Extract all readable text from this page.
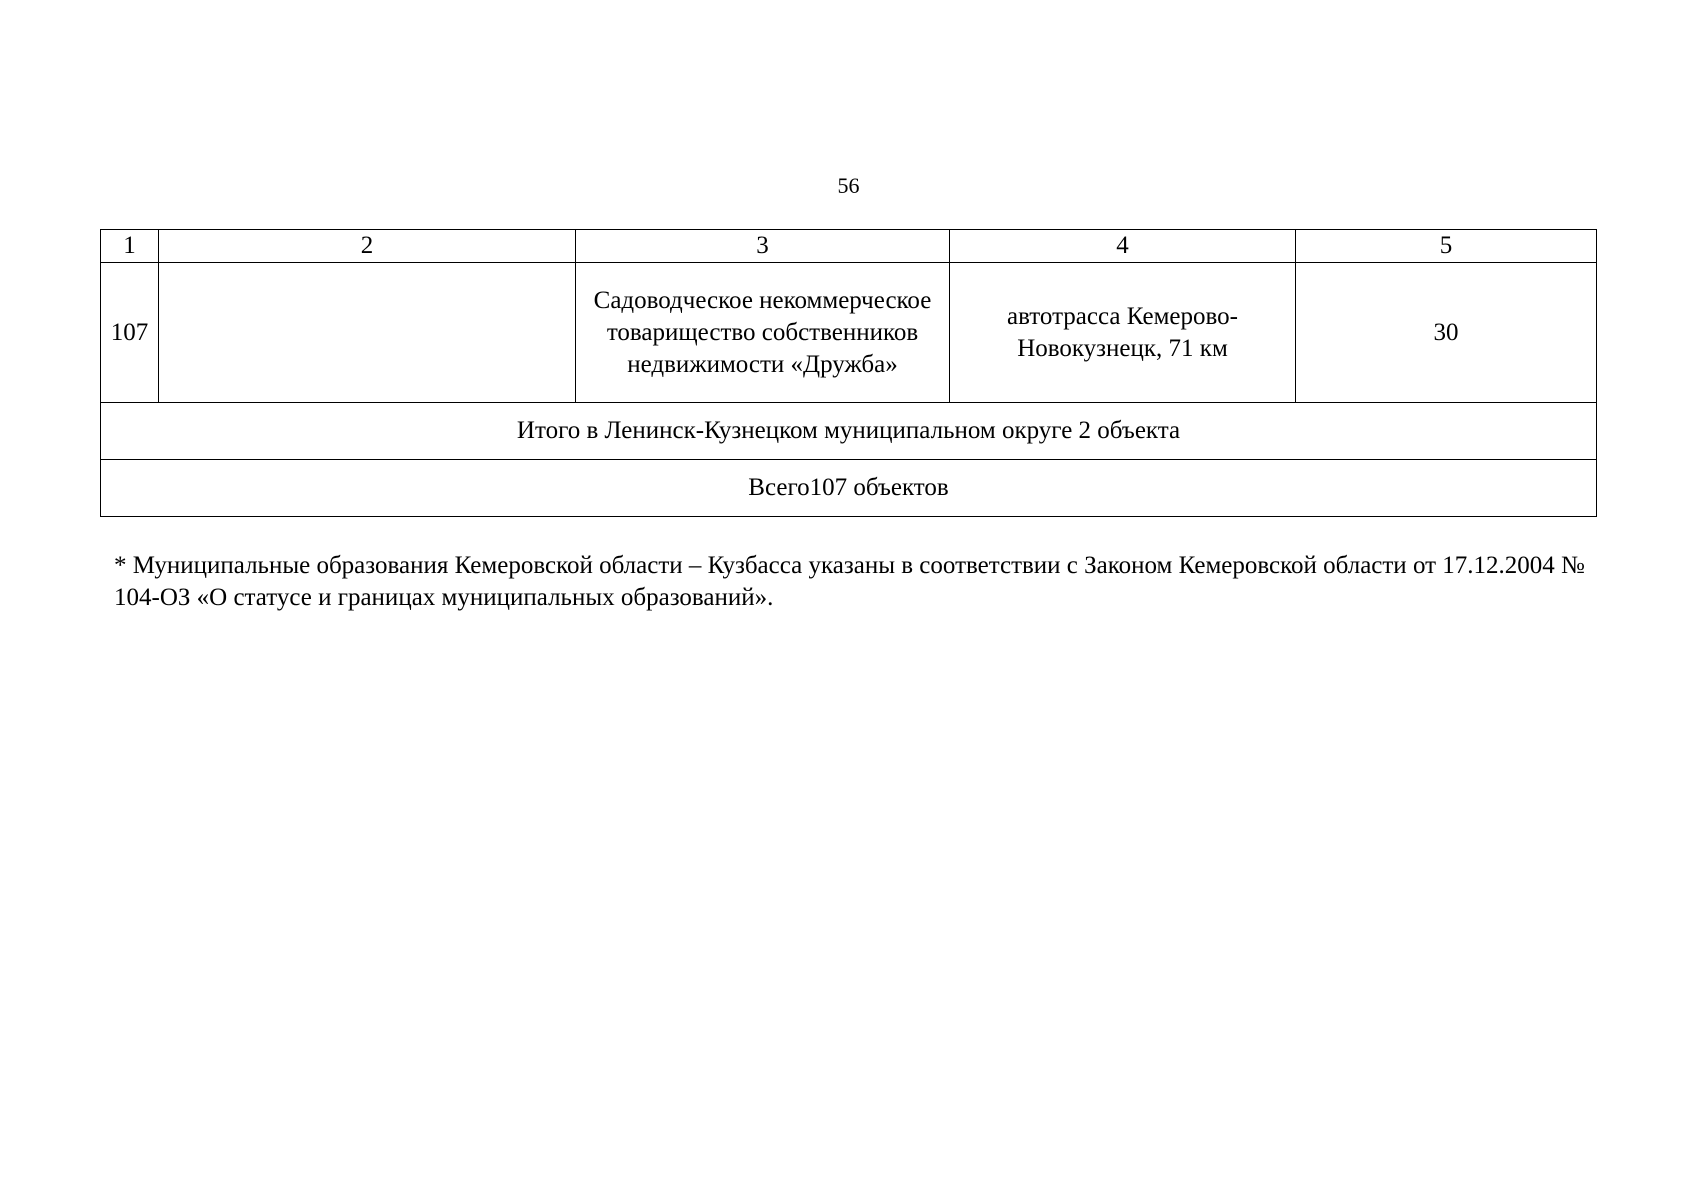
56
1	2	3	4	5
107		Садоводческое некоммерческое товарищество собственников недвижимости «Дружба»	автотрасса Кемерово-Новокузнецк, 71 км	30
Итого в Ленинск-Кузнецком муниципальном округе 2 объекта				
Всего107 объектов				
* Муниципальные образования Кемеровской области – Кузбасса указаны в соответствии с Законом Кемеровской области от 17.12.2004 № 104-ОЗ «О статусе и границах муниципальных образований».
